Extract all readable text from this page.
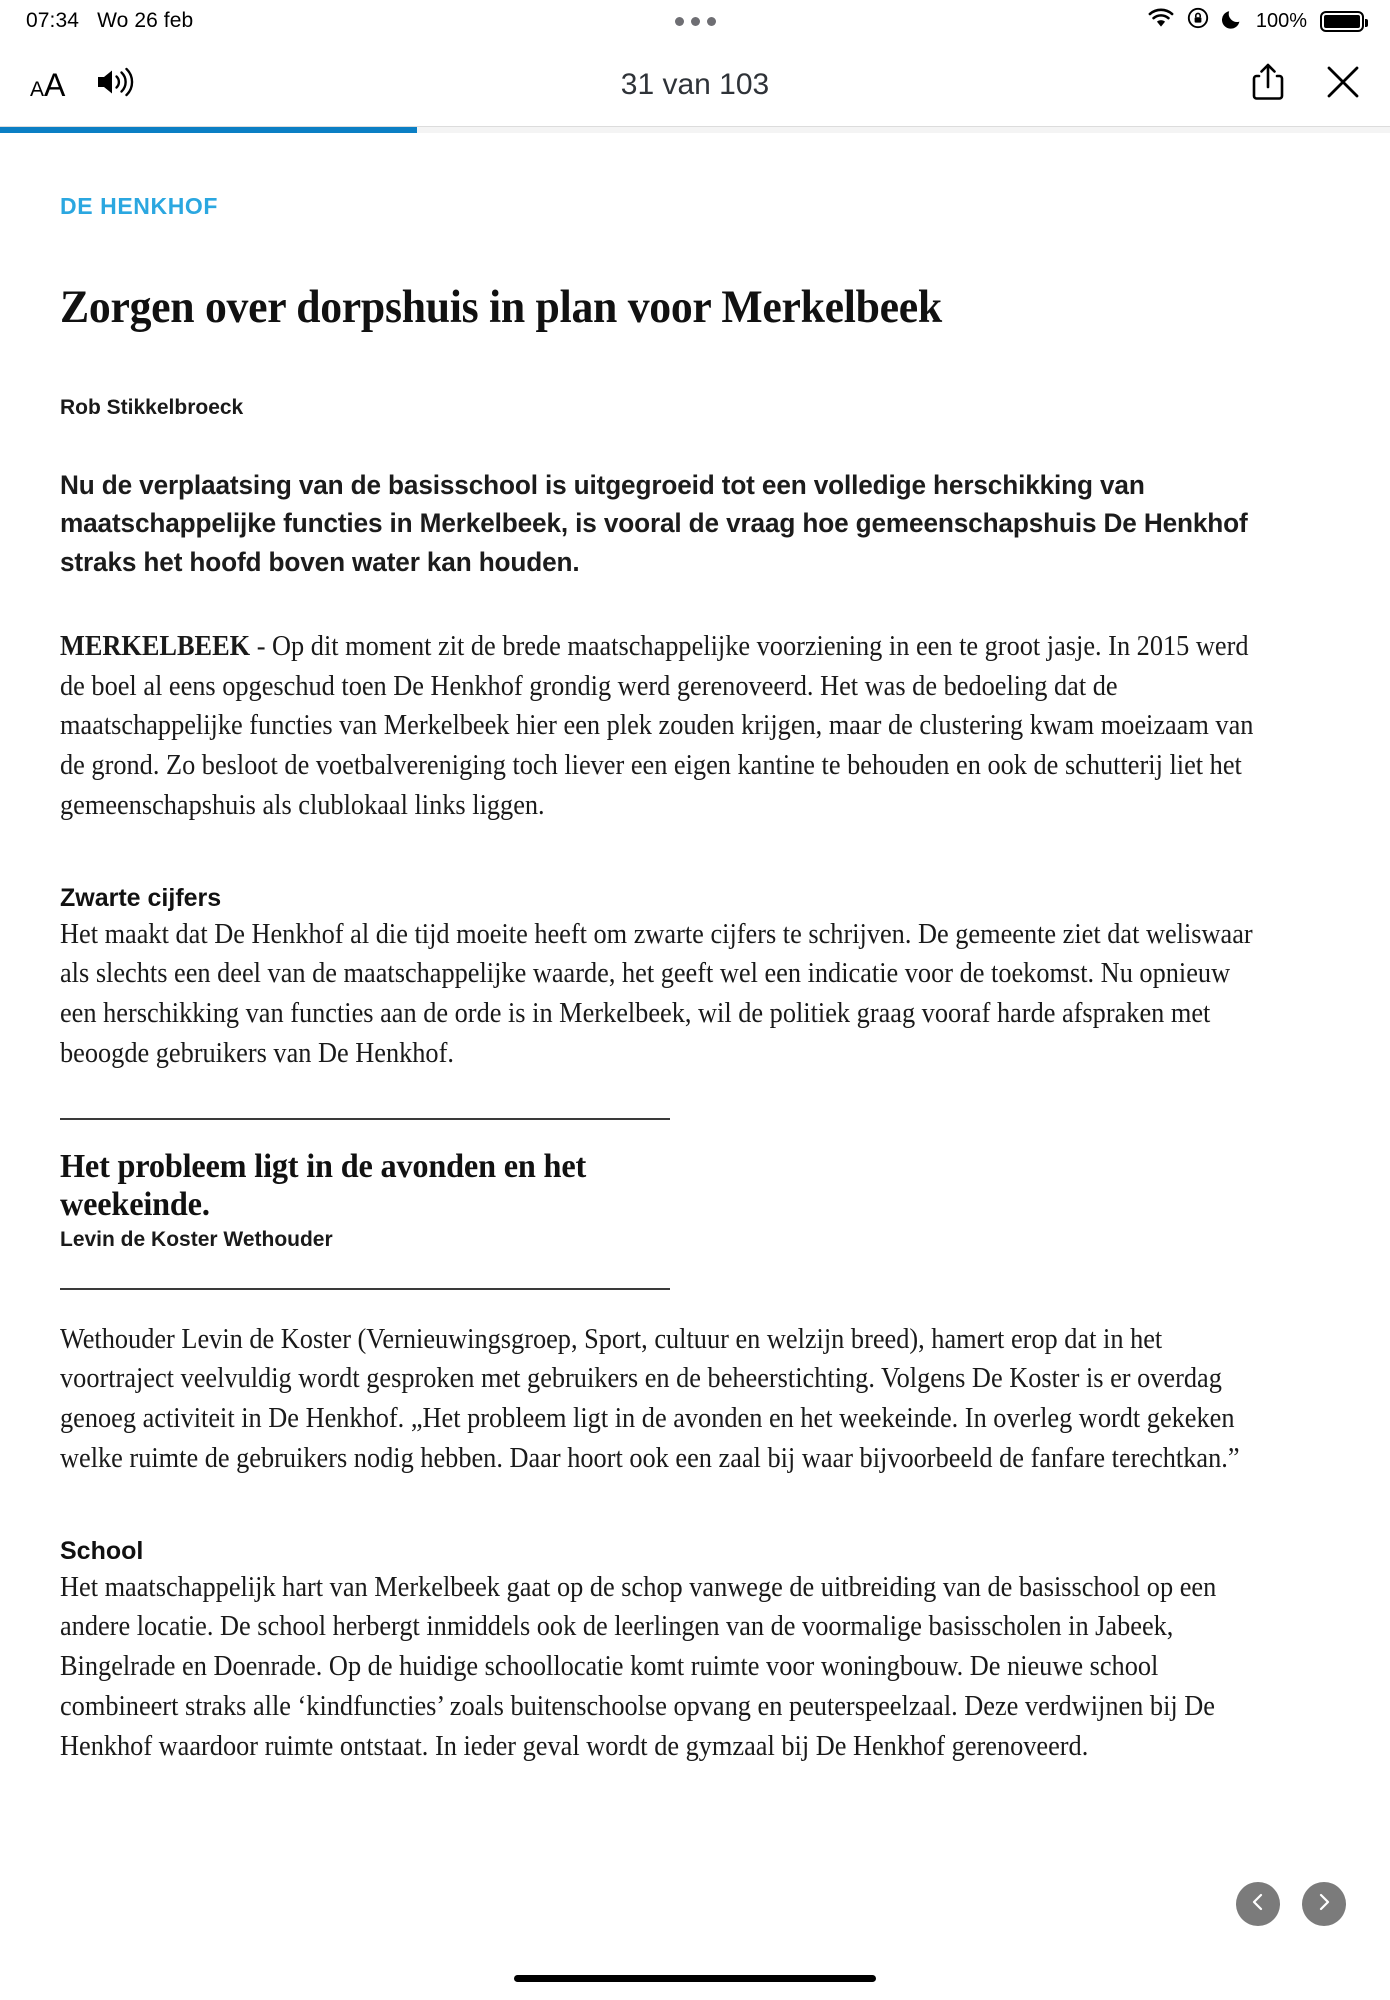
07:34 Wo 26 feb	100%
A A	31 van 103
DE HENKHOF
Zorgen over dorpshuis in plan voor Merkelbeek
Rob Stikkelbroeck
Nu de verplaatsing van de basisschool is uitgegroeid tot een volledige herschikking van maatschappelijke functies in Merkelbeek, is vooral de vraag hoe gemeenschapshuis De Henkhof straks het hoofd boven water kan houden.

MERKELBEEK - Op dit moment zit de brede maatschappelijke voorziening in een te groot jasje. In 2015 werd de boel al eens opgeschud toen De Henkhof grondig werd gerenoveerd. Het was de bedoeling dat de maatschappelijke functies van Merkelbeek hier een plek zouden krijgen, maar de clustering kwam moeizaam van de grond. Zo besloot de voetbalvereniging toch liever een eigen kantine te behouden en ook de schutterij liet het gemeenschapshuis als clublokaal links liggen.

Zwarte cijfers

Het maakt dat De Henkhof al die tijd moeite heeft om zwarte cijfers te schrijven. De gemeente ziet dat weliswaar als slechts een deel van de maatschappelijke waarde, het geeft wel een indicatie voor de toekomst. Nu opnieuw een herschikking van functies aan de orde is in Merkelbeek, wil de politiek graag vooraf harde afspraken met beoogde gebruikers van De Henkhof.

Het probleem ligt in de avonden en het weekeinde.
Levin de Koster Wethouder

Wethouder Levin de Koster (Vernieuwingsgroep, Sport, cultuur en welzijn breed), hamert erop dat in het voortraject veelvuldig wordt gesproken met gebruikers en de beheerstichting. Volgens De Koster is er overdag genoeg activiteit in De Henkhof. „Het probleem ligt in de avonden en het weekeinde. In overleg wordt gekeken welke ruimte de gebruikers nodig hebben. Daar hoort ook een zaal bij waar bijvoorbeeld de fanfare terechtkan.”

School

Het maatschappelijk hart van Merkelbeek gaat op de schop vanwege de uitbreiding van de basisschool op een andere locatie. De school herbergt inmiddels ook de leerlingen van de voormalige basisscholen in Jabeek, Bingelrade en Doenrade. Op de huidige schoollocatie komt ruimte voor woningbouw. De nieuwe school combineert straks alle ‘kindfuncties’ zoals buitenschoolse opvang en peuterspeelzaal. Deze verdwijnen bij De Henkhof waardoor ruimte ontstaat. In ieder geval wordt de gymzaal bij De Henkhof gerenoveerd.
